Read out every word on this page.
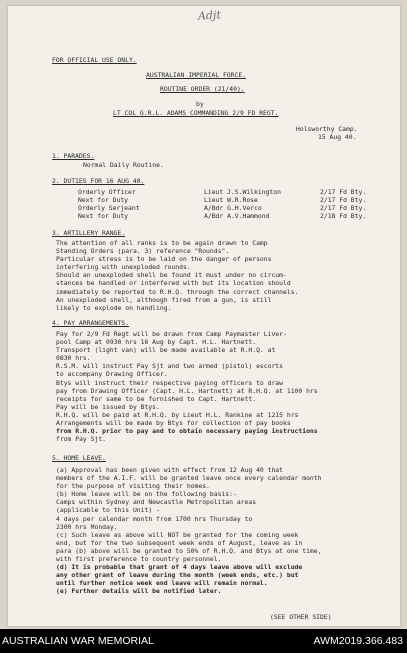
Adjt
FOR OFFICIAL USE ONLY.
AUSTRALIAN IMPERIAL FORCE.
ROUTINE ORDER (21/40).
by
LT COL G.R.L. ADAMS COMMANDING 2/9 FD REGT.
Holsworthy Camp.
15 Aug 40.
1. PARADES.
Normal Daily Routine.
2. DUTIES FOR 16 AUG 40.
Orderly Officer	Lieut J.S.Wilkington	2/17 Fd Bty.
Next for Duty	Lieut W.R.Rose	2/17 Fd Bty.
Orderly Serjeant	A/Bdr G.H.Verco	2/17 Fd Bty.
Next for Duty	A/Bdr A.V.Hammond	2/18 Fd Bty.
3. ARTILLERY RANGE.

The attention of all ranks is to be again drawn to Camp

Standing Orders (para. 3) reference "Rounds".

Particular stress is to be laid on the danger of persons

interfering with unexploded rounds.

Should an unexploded shell be found it must under no circum-

stances be handled or interfered with but its location should

immediately be reported to R.H.Q. through the correct channels.

An unexploded shell, although fired from a gun, is still

likely to explode on handling.

4. PAY ARRANGEMENTS.

Pay for 2/9 Fd Regt will be drawn from Camp Paymaster Liver-

pool Camp at 0930 hrs 16 Aug by Capt. H.L. Hartnett.

Transport (light van) will be made available at R.H.Q. at

0830 hrs.

R.S.M. will instruct Pay Sjt and two armed (pistol) escorts

to accompany Drawing Officer.

Btys will instruct their respective paying officers to draw

pay from Drawing Officer (Capt. H.L. Hartnett) at R.H.Q. at 1100 hrs

receipts for same to be furnished to Capt. Hartnett.

Pay will be issued by Btys.

R.H.Q. will be paid at R.H.Q. by Lieut H.L. Rankine at 1215 hrs

Arrangements will be made by Btys for collection of pay books

from R.H.Q. prior to pay and to obtain necessary paying instructions

from Pay Sjt.

5. HOME LEAVE.

(a) Approval has been given with effect from 12 Aug 40 that

members of the A.I.F. will be granted leave once every calendar month

for the purpose of visiting their homes.

(b) Home leave will be on the following basis:-

Camps within Sydney and Newcastle Metropolitan areas

(applicable to this Unit) -

4 days per calendar month from 1700 hrs Thursday to

2300 hrs Monday.

(c) Such leave as above will NOT be granted for the coming week

end, but for the two subsequent week ends of August, leave as in

para (b) above will be granted to 50% of R.H.Q. and Btys at one time,

with first preference to country personnel.

(d) It is probable that grant of 4 days leave above will exclude

any other grant of leave during the month (week ends, etc.) but

until further notice week end leave will remain normal.

(e) Further details will be notified later.

(SEE OTHER SIDE)
AUSTRALIAN WAR MEMORIAL	AWM2019.366.483
